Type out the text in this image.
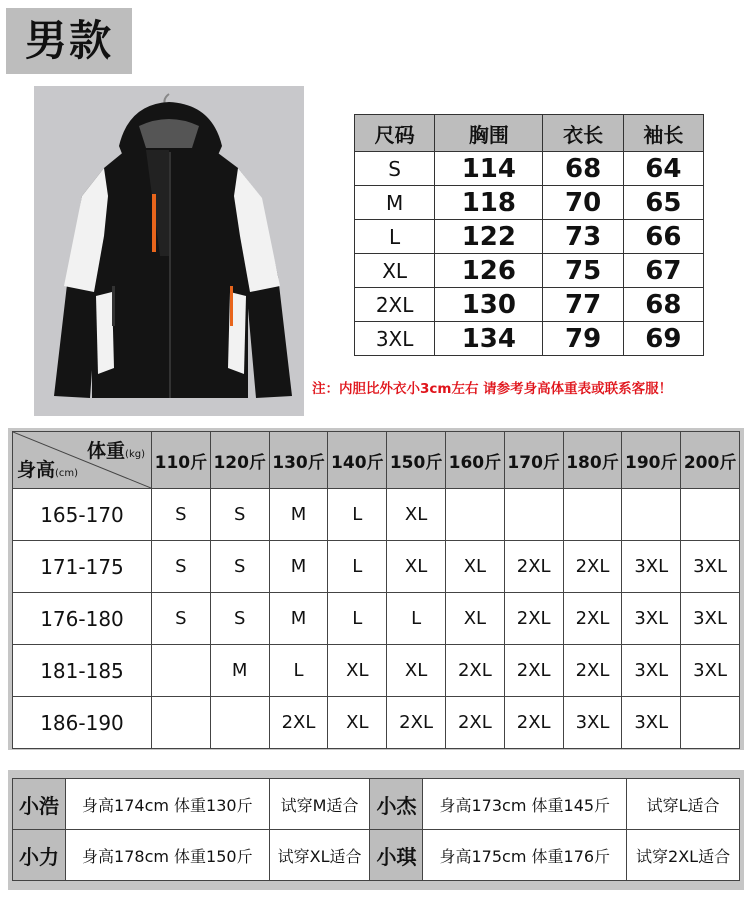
男款
尺码	胸围	衣长	袖长
S	114	68	64
M	118	70	65
L	122	73	66
XL	126	75	67
2XL	130	77	68
3XL	134	79	69
注：内胆比外衣小3cm左右 请参考身高体重表或联系客服！
体重(kg)
身高(cm)	110斤	120斤	130斤	140斤	150斤	160斤	170斤	180斤	190斤	200斤
165-170	S	S	M	L	XL					
171-175	S	S	M	L	XL	XL	2XL	2XL	3XL	3XL
176-180	S	S	M	L	L	XL	2XL	2XL	3XL	3XL
181-185		M	L	XL	XL	2XL	2XL	2XL	3XL	3XL
186-190			2XL	XL	2XL	2XL	2XL	3XL	3XL	
小浩	身高174cm 体重130斤	试穿M适合	小杰	身高173cm 体重145斤	试穿L适合
小力	身高178cm 体重150斤	试穿XL适合	小琪	身高175cm 体重176斤	试穿2XL适合
